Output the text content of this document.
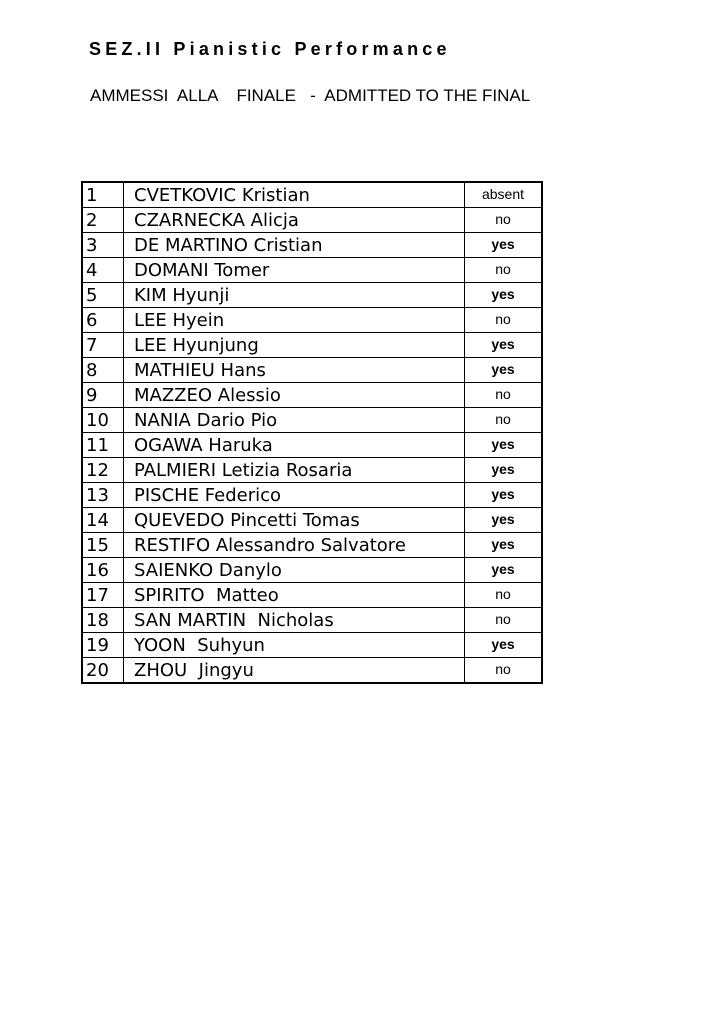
SEZ.II Pianistic Performance
AMMESSI  ALLA    FINALE   -  ADMITTED TO THE FINAL
1	CVETKOVIC Kristian	absent
2	CZARNECKA Alicja	no
3	DE MARTINO Cristian	yes
4	DOMANI Tomer	no
5	KIM Hyunji	yes
6	LEE Hyein	no
7	LEE Hyunjung	yes
8	MATHIEU Hans	yes
9	MAZZEO Alessio	no
10	NANIA Dario Pio	no
11	OGAWA Haruka	yes
12	PALMIERI Letizia Rosaria	yes
13	PISCHE Federico	yes
14	QUEVEDO Pincetti Tomas	yes
15	RESTIFO Alessandro Salvatore	yes
16	SAIENKO Danylo	yes
17	SPIRITO  Matteo	no
18	SAN MARTIN  Nicholas	no
19	YOON  Suhyun	yes
20	ZHOU  Jingyu	no
